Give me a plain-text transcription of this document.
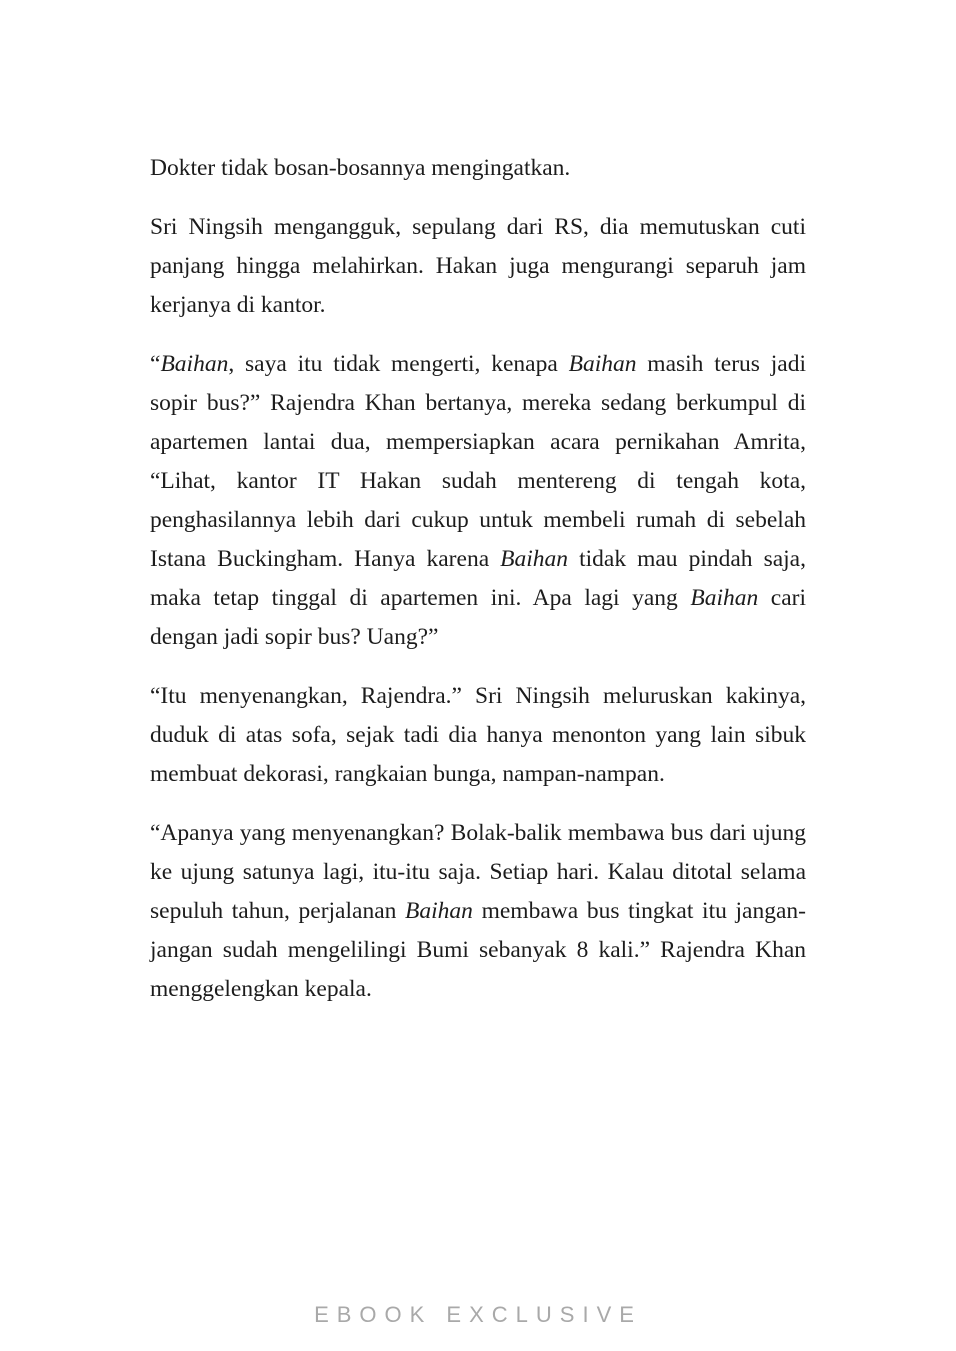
Dokter tidak bosan-bosannya mengingatkan.

Sri Ningsih mengangguk, sepulang dari RS, dia memutuskan cuti panjang hingga melahirkan. Hakan juga mengurangi separuh jam kerjanya di kantor.

“Baihan, saya itu tidak mengerti, kenapa Baihan masih terus jadi sopir bus?” Rajendra Khan bertanya, mereka sedang berkumpul di apartemen lantai dua, mempersiapkan acara pernikahan Amrita, “Lihat, kantor IT Hakan sudah mentereng di tengah kota, penghasilannya lebih dari cukup untuk membeli rumah di sebelah Istana Buckingham. Hanya karena Baihan tidak mau pindah saja, maka tetap tinggal di apartemen ini. Apa lagi yang Baihan cari dengan jadi sopir bus? Uang?”

“Itu menyenangkan, Rajendra.” Sri Ningsih meluruskan kakinya, duduk di atas sofa, sejak tadi dia hanya menonton yang lain sibuk membuat dekorasi, rangkaian bunga, nampan-nampan.

“Apanya yang menyenangkan? Bolak-balik membawa bus dari ujung ke ujung satunya lagi, itu-itu saja. Setiap hari. Kalau ditotal selama sepuluh tahun, perjalanan Baihan membawa bus tingkat itu jangan-jangan sudah mengelilingi Bumi sebanyak 8 kali.” Rajendra Khan menggelengkan kepala.

EBOOK EXCLUSIVE
